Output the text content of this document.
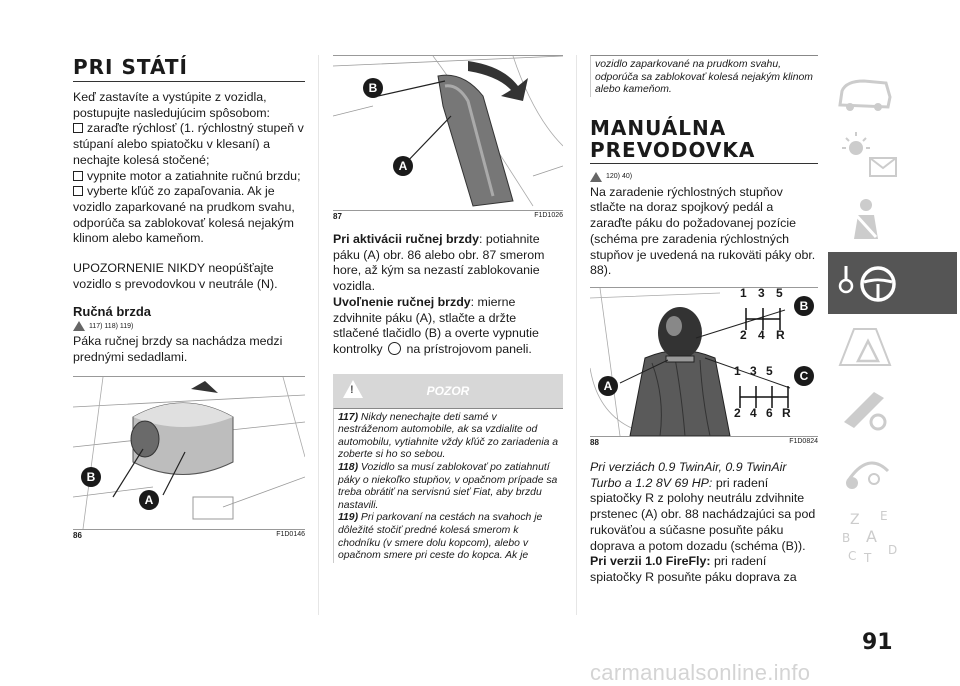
PRI STÁTÍ

Keď zastavíte a vystúpite z vozidla, postupujte nasledujúcim spôsobom:

zaraďte rýchlosť (1. rýchlostný stupeň v stúpaní alebo spiatočku v klesaní) a nechajte kolesá stočené;

vypnite motor a zatiahnite ručnú brzdu;

vyberte kľúč zo zapaľovania. Ak je vozidlo zaparkované na prudkom svahu, odporúča sa zablokovať kolesá nejakým klinom alebo kameňom.

UPOZORNENIE NIKDY neopúšťajte vozidlo s prevodovkou v neutrále (N).

Ručná brzda
117) 118) 119)

Páka ručnej brzdy sa nachádza medzi prednými sedadlami.

B
A
86	F1D0146
B
A
87	F1D1026

Pri aktivácii ručnej brzdy: potiahnite páku (A) obr. 86 alebo obr. 87 smerom hore, až kým sa nezastí zablokovanie vozidla.

Uvoľnenie ručnej brzdy: mierne zdvihnite páku (A), stlačte a držte stlačené tlačidlo (B) a overte vypnutie kontrolky na prístrojovom paneli.

!
POZOR

117) Nikdy nenechajte deti samé v nestráženom automobile, ak sa vzdialite od automobilu, vytiahnite vždy kľúč zo zariadenia a zoberte si ho so sebou.

118) Vozidlo sa musí zablokovať po zatiahnutí páky o niekoľko stupňov, v opačnom prípade sa treba obrátiť na servisnú sieť Fiat, aby brzdu nastavili.

119) Pri parkovaní na cestách na svahoch je dôležité stočiť predné kolesá smerom k chodníku (v smere dolu kopcom), alebo v opačnom smere pri ceste do kopca. Ak je

vozidlo zaparkované na prudkom svahu, odporúča sa zablokovať kolesá nejakým klinom alebo kameňom.

MANUÁLNA
PREVODOVKA
120) 40)

Na zaradenie rýchlostných stupňov stlačte na doraz spojkový pedál a zaraďte páku do požadovanej pozície (schéma pre zaradenia rýchlostných stupňov je uvedená na rukoväti páky obr. 88).

1 3 5
2 4 R
1 3 5
2 4 6 R
B
A
C
88	F1D0824

Pri verziách 0.9 TwinAir, 0.9 TwinAir Turbo a 1.2 8V 69 HP: pri radení spiatočky R z polohy neutrálu zdvihnite prstenec (A) obr. 88 nachádzajúci sa pod rukoväťou a súčasne posuňte páku doprava a potom dozadu (schéma (B)).

Pri verzii 1.0 FireFly: pri radení spiatočky R posuňte páku doprava za

Z E
B A
C T
D
91
carmanualsonline.info
